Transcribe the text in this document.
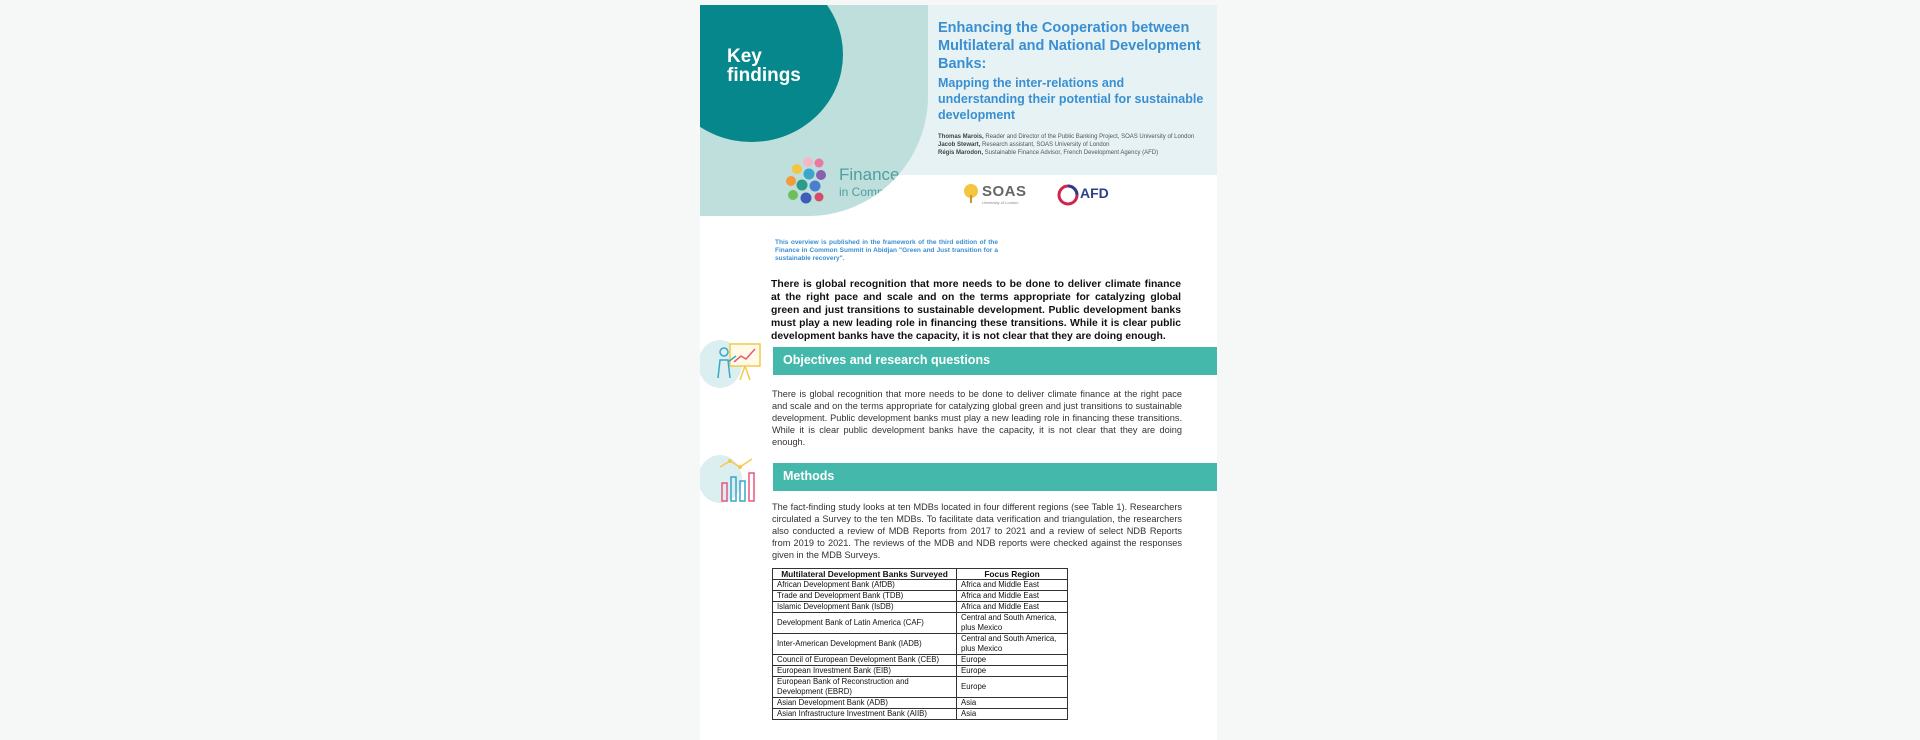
Key
findings
Finance
in Common
Enhancing the Cooperation between Multilateral and National Development Banks:
Mapping the inter-relations and understanding their potential for sustainable development
Thomas Marois, Reader and Director of the Public Banking Project, SOAS University of London
Jacob Stewart, Research assistant, SOAS University of London
Régis Marodon, Sustainable Finance Advisor, French Development Agency (AFD)
SOAS
University of London
AFD
This overview is published in the framework of the third edition of the Finance in Common Summit in Abidjan "Green and Just transition for a sustainable recovery".
There is global recognition that more needs to be done to deliver climate finance at the right pace and scale and on the terms appropriate for catalyzing global green and just transitions to sustainable development. Public development banks must play a new leading role in financing these transitions. While it is clear public development banks have the capacity, it is not clear that they are doing enough.
Objectives and research questions
There is global recognition that more needs to be done to deliver climate finance at the right pace and scale and on the terms appropriate for catalyzing global green and just transitions to sustainable development. Public development banks must play a new leading role in financing these transitions. While it is clear public development banks have the capacity, it is not clear that they are doing enough.
Methods
The fact-finding study looks at ten MDBs located in four different regions (see Table 1). Researchers circulated a Survey to the ten MDBs. To facilitate data verification and triangulation, the researchers also conducted a review of MDB Reports from 2017 to 2021 and a review of select NDB Reports from 2019 to 2021. The reviews of the MDB and NDB reports were checked against the responses given in the MDB Surveys.
Multilateral Development Banks Surveyed	Focus Region
African Development Bank (AfDB)	Africa and Middle East
Trade and Development Bank (TDB)	Africa and Middle East
Islamic Development Bank (IsDB)	Africa and Middle East
Development Bank of Latin America (CAF)	Central and South America, plus Mexico
Inter-American Development Bank (IADB)	Central and South America, plus Mexico
Council of European Development Bank (CEB)	Europe
European Investment Bank (EIB)	Europe
European Bank of Reconstruction and Development (EBRD)	Europe
Asian Development Bank (ADB)	Asia
Asian Infrastructure Investment Bank (AIIB)	Asia
